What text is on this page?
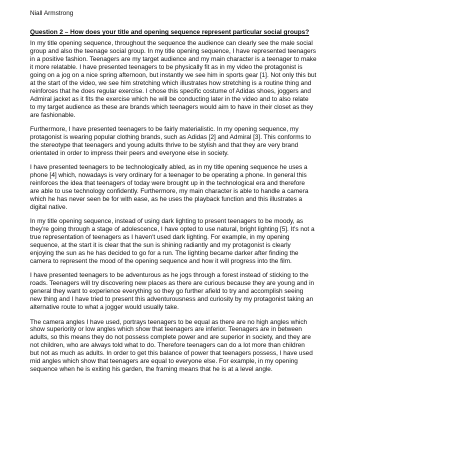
Niall Armstrong
Question 2 – How does your title and opening sequence represent particular social groups?
In my title opening sequence, throughout the sequence the audience can clearly see the male social
group and also the teenage social group. In my title opening sequence, I have represented teenagers
in a positive fashion. Teenagers are my target audience and my main character is a teenager to make
it more relatable. I have presented teenagers to be physically fit as in my video the protagonist is
going on a jog on a nice spring afternoon, but instantly we see him in sports gear [1]. Not only this but
at the start of the video, we see him stretching which illustrates how stretching is a routine thing and
reinforces that he does regular exercise. I chose this specific costume of Adidas shoes, joggers and
Admiral jacket as it fits the exercise which he will be conducting later in the video and to also relate
to my target audience as these are brands which teenagers would aim to have in their closet as they
are fashionable.
Furthermore, I have presented teenagers to be fairly materialistic. In my opening sequence, my
protagonist is wearing popular clothing brands, such as Adidas [2] and Admiral [3]. This conforms to
the stereotype that teenagers and young adults thrive to be stylish and that they are very brand
orientated in order to impress their peers and everyone else in society.
I have presented teenagers to be technologically abled, as in my title opening sequence he uses a
phone [4] which, nowadays is very ordinary for a teenager to be operating a phone. In general this
reinforces the idea that teenagers of today were brought up in the technological era and therefore
are able to use technology confidently. Furthermore, my main character is able to handle a camera
which he has never seen be for with ease, as he uses the playback function and this illustrates a
digital native.
In my title opening sequence, instead of using dark lighting to present teenagers to be moody, as
they're going through a stage of adolescence, I have opted to use natural, bright lighting [5]. It's not a
true representation of teenagers as I haven't used dark lighting. For example, in my opening
sequence, at the start it is clear that the sun is shining radiantly and my protagonist is clearly
enjoying the sun as he has decided to go for a run. The lighting became darker after finding the
camera to represent the mood of the opening sequence and how it will progress into the film.
I have presented teenagers to be adventurous as he jogs through a forest instead of sticking to the
roads. Teenagers will try discovering new places as there are curious because they are young and in
general they want to experience everything so they go further afield to try and accomplish seeing
new thing and I have tried to present this adventurousness and curiosity by my protagonist taking an
alternative route to what a jogger would usually take.
The camera angles I have used, portrays teenagers to be equal as there are no high angles which
show superiority or low angles which show that teenagers are inferior. Teenagers are in between
adults, so this means they do not possess complete power and are superior in society, and they are
not children, who are always told what to do. Therefore teenagers can do a lot more than children
but not as much as adults. In order to get this balance of power that teenagers possess, I have used
mid angles which show that teenagers are equal to everyone else. For example, in my opening
sequence when he is exiting his garden, the framing means that he is at a level angle.
